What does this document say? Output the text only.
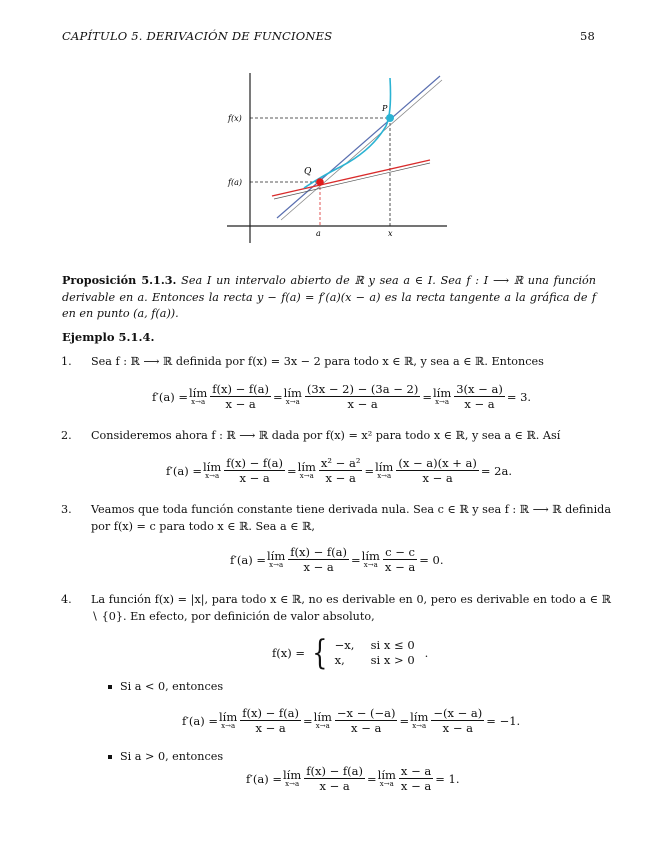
CAPÍTULO 5. DERIVACIÓN DE FUNCIONES	58
f(x)
f(a)
P
Q
a	x
Proposición 5.1.3. Sea I un intervalo abierto de ℝ y sea a ∈ I. Sea f : I ⟶ ℝ una función derivable en a. Entonces la recta y − f(a) = f′(a)(x − a) es la recta tangente a la gráfica de f en en punto (a, f(a)).
Ejemplo 5.1.4.
1. Sea f : ℝ ⟶ ℝ definida por f(x) = 3x − 2 para todo x ∈ ℝ, y sea a ∈ ℝ. Entonces
f′(a) = lím
$x\to a \frac{f(x) - f(a)}{x - a}$ = lím
$x\to a \frac{(3x - 2) - (3a - 2)}{x - a}$ = lím
$x\to a \frac{3(x - a)}{x - a} = 3$.
2. Consideremos ahora f : ℝ ⟶ ℝ dada por f(x) = x² para todo x ∈ ℝ, y sea a ∈ ℝ. Así
f′(a) = lím
$x\to a \frac{f(x) - f(a)}{x - a}$ = lím
$x\to a \frac{\text{x² − a²}}{x - a}$ = lím
$x\to a \frac{(x - a)(x + a)}{x - a} = 2a$.
3. Veamos que toda función constante tiene derivada nula. Sea c ∈ ℝ y sea f : ℝ ⟶ ℝ definida por f(x) = c para todo x ∈ ℝ. Sea a ∈ ℝ,
f′(a) = lím
$x\to a \frac{f(x) - f(a)}{x - a}$ = lím
$x\to a \frac{c - c}{x - a} = 0$.
4. La función f(x) = |x|, para todo x ∈ ℝ, no es derivable en 0, pero es derivable en todo a ∈ ℝ ∖ {0}. En efecto, por definición de valor absoluto,
f(x) = { −x, si x ≤ 0
x, si x > 0 .
Si a < 0, entonces
f′(a) = lím
$x\to a \frac{f(x) - f(a)}{x - a}$ = lím
$x\to a \frac{-x - (-a)}{x - a}$ = lím
$x\to a \frac{-(x - a)}{x - a} = -1$.
Si a > 0, entonces
f′(a) = lím
$x\to a \frac{f(x) - f(a)}{x - a}$ = lím
$x\to a \frac{x - a}{x - a} = 1$.
